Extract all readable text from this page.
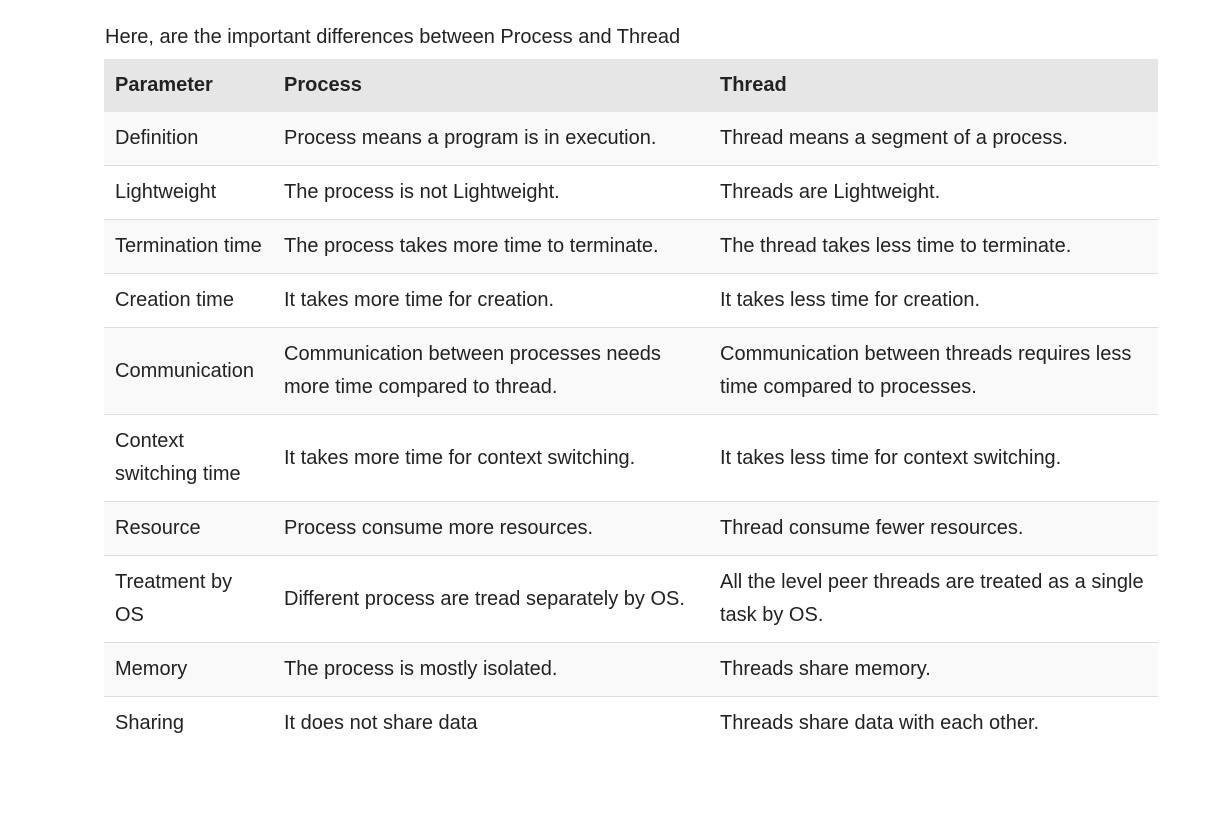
Here, are the important differences between Process and Thread

Parameter	Process	Thread
Definition	Process means a program is in execution.	Thread means a segment of a process.
Lightweight	The process is not Lightweight.	Threads are Lightweight.
Termination time	The process takes more time to terminate.	The thread takes less time to terminate.
Creation time	It takes more time for creation.	It takes less time for creation.
Communication	Communication between processes needs more time compared to thread.	Communication between threads requires less time compared to processes.
Context switching time	It takes more time for context switching.	It takes less time for context switching.
Resource	Process consume more resources.	Thread consume fewer resources.
Treatment by OS	Different process are tread separately by OS.	All the level peer threads are treated as a single task by OS.
Memory	The process is mostly isolated.	Threads share memory.
Sharing	It does not share data	Threads share data with each other.
